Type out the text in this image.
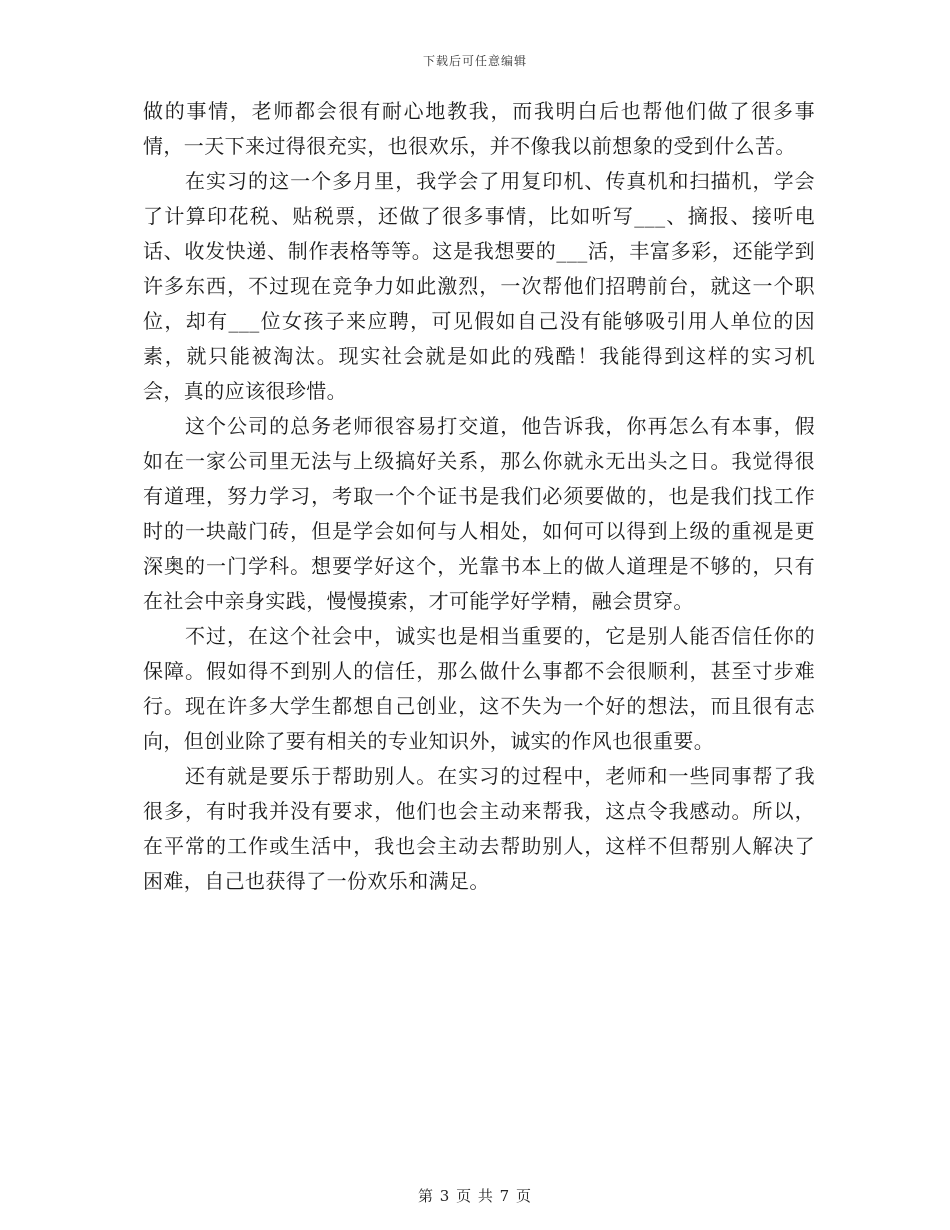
下载后可任意编辑

做的事情，老师都会很有耐心地教我，而我明白后也帮他们做了很多事情，一天下来过得很充实，也很欢乐，并不像我以前想象的受到什么苦。

在实习的这一个多月里，我学会了用复印机、传真机和扫描机，学会了计算印花税、贴税票，还做了很多事情，比如听写___、摘报、接听电话、收发快递、制作表格等等。这是我想要的___活，丰富多彩，还能学到许多东西，不过现在竞争力如此激烈，一次帮他们招聘前台，就这一个职位，却有___位女孩子来应聘，可见假如自己没有能够吸引用人单位的因素，就只能被淘汰。现实社会就是如此的残酷！我能得到这样的实习机会，真的应该很珍惜。

这个公司的总务老师很容易打交道，他告诉我，你再怎么有本事，假如在一家公司里无法与上级搞好关系，那么你就永无出头之日。我觉得很有道理，努力学习，考取一个个证书是我们必须要做的，也是我们找工作时的一块敲门砖，但是学会如何与人相处，如何可以得到上级的重视是更深奥的一门学科。想要学好这个，光靠书本上的做人道理是不够的，只有在社会中亲身实践，慢慢摸索，才可能学好学精，融会贯穿。

不过，在这个社会中，诚实也是相当重要的，它是别人能否信任你的保障。假如得不到别人的信任，那么做什么事都不会很顺利，甚至寸步难行。现在许多大学生都想自己创业，这不失为一个好的想法，而且很有志向，但创业除了要有相关的专业知识外，诚实的作风也很重要。

还有就是要乐于帮助别人。在实习的过程中，老师和一些同事帮了我很多，有时我并没有要求，他们也会主动来帮我，这点令我感动。所以，在平常的工作或生活中，我也会主动去帮助别人，这样不但帮别人解决了困难，自己也获得了一份欢乐和满足。

第 3 页 共 7 页
